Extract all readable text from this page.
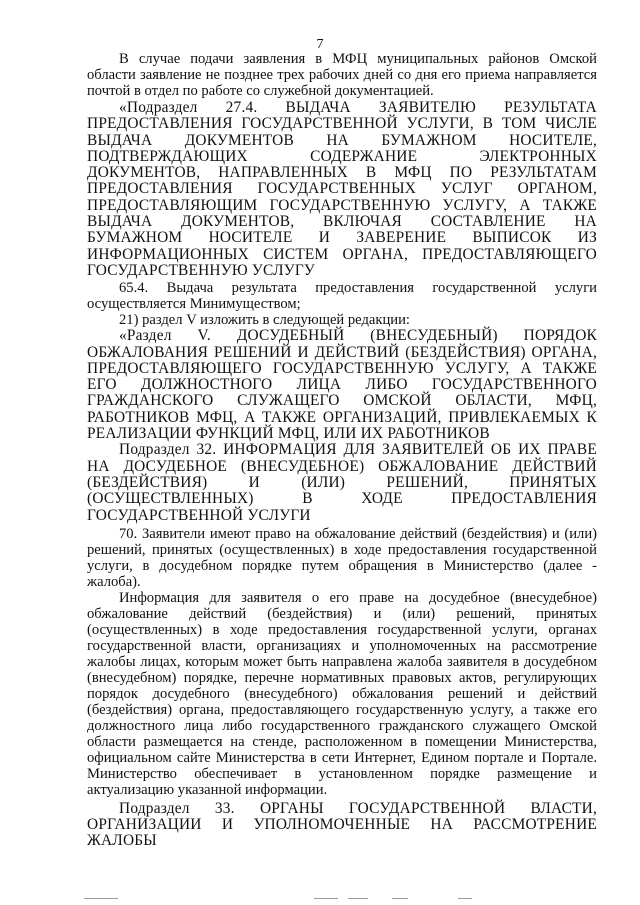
7

В случае подачи заявления в МФЦ муниципальных районов Омской области заявление не позднее трех рабочих дней со дня его приема направляется почтой в отдел по работе со служебной документацией.

«Подраздел 27.4. ВЫДАЧА ЗАЯВИТЕЛЮ РЕЗУЛЬТАТА ПРЕДОСТАВЛЕНИЯ ГОСУДАРСТВЕННОЙ УСЛУГИ, В ТОМ ЧИСЛЕ ВЫДАЧА ДОКУМЕНТОВ НА БУМАЖНОМ НОСИТЕЛЕ, ПОДТВЕРЖДАЮЩИХ СОДЕРЖАНИЕ ЭЛЕКТРОННЫХ ДОКУМЕНТОВ, НАПРАВЛЕННЫХ В МФЦ ПО РЕЗУЛЬТАТАМ ПРЕДОСТАВЛЕНИЯ ГОСУДАРСТВЕННЫХ УСЛУГ ОРГАНОМ, ПРЕДОСТАВЛЯЮЩИМ ГОСУДАРСТВЕННУЮ УСЛУГУ, А ТАКЖЕ ВЫДАЧА ДОКУМЕНТОВ, ВКЛЮЧАЯ СОСТАВЛЕНИЕ НА БУМАЖНОМ НОСИТЕЛЕ И ЗАВЕРЕНИЕ ВЫПИСОК ИЗ ИНФОРМАЦИОННЫХ СИСТЕМ ОРГАНА, ПРЕДОСТАВЛЯЮЩЕГО ГОСУДАРСТВЕННУЮ УСЛУГУ

65.4. Выдача результата предоставления государственной услуги осуществляется Минимуществом;

21) раздел V изложить в следующей редакции:

«Раздел V. ДОСУДЕБНЫЙ (ВНЕСУДЕБНЫЙ) ПОРЯДОК ОБЖАЛОВАНИЯ РЕШЕНИЙ И ДЕЙСТВИЙ (БЕЗДЕЙСТВИЯ) ОРГАНА, ПРЕДОСТАВЛЯЮЩЕГО ГОСУДАРСТВЕННУЮ УСЛУГУ, А ТАКЖЕ ЕГО ДОЛЖНОСТНОГО ЛИЦА ЛИБО ГОСУДАРСТВЕННОГО ГРАЖДАНСКОГО СЛУЖАЩЕГО ОМСКОЙ ОБЛАСТИ, МФЦ, РАБОТНИКОВ МФЦ, А ТАКЖЕ ОРГАНИЗАЦИЙ, ПРИВЛЕКАЕМЫХ К РЕАЛИЗАЦИИ ФУНКЦИЙ МФЦ, ИЛИ ИХ РАБОТНИКОВ

Подраздел 32. ИНФОРМАЦИЯ ДЛЯ ЗАЯВИТЕЛЕЙ ОБ ИХ ПРАВЕ НА ДОСУДЕБНОЕ (ВНЕСУДЕБНОЕ) ОБЖАЛОВАНИЕ ДЕЙСТВИЙ (БЕЗДЕЙСТВИЯ) И (ИЛИ) РЕШЕНИЙ, ПРИНЯТЫХ (ОСУЩЕСТВЛЕННЫХ) В ХОДЕ ПРЕДОСТАВЛЕНИЯ ГОСУДАРСТВЕННОЙ УСЛУГИ

70. Заявители имеют право на обжалование действий (бездействия) и (или) решений, принятых (осуществленных) в ходе предоставления государственной услуги, в досудебном порядке путем обращения в Министерство (далее - жалоба).

Информация для заявителя о его праве на досудебное (внесудебное) обжалование действий (бездействия) и (или) решений, принятых (осуществленных) в ходе предоставления государственной услуги, органах государственной власти, организациях и уполномоченных на рассмотрение жалобы лицах, которым может быть направлена жалоба заявителя в досудебном (внесудебном) порядке, перечне нормативных правовых актов, регулирующих порядок досудебного (внесудебного) обжалования решений и действий (бездействия) органа, предоставляющего государственную услугу, а также его должностного лица либо государственного гражданского служащего Омской области размещается на стенде, расположенном в помещении Министерства, официальном сайте Министерства в сети Интернет, Едином портале и Портале. Министерство обеспечивает в установленном порядке размещение и актуализацию указанной информации.

Подраздел 33. ОРГАНЫ ГОСУДАРСТВЕННОЙ ВЛАСТИ, ОРГАНИЗАЦИИ И УПОЛНОМОЧЕННЫЕ НА РАССМОТРЕНИЕ ЖАЛОБЫ
